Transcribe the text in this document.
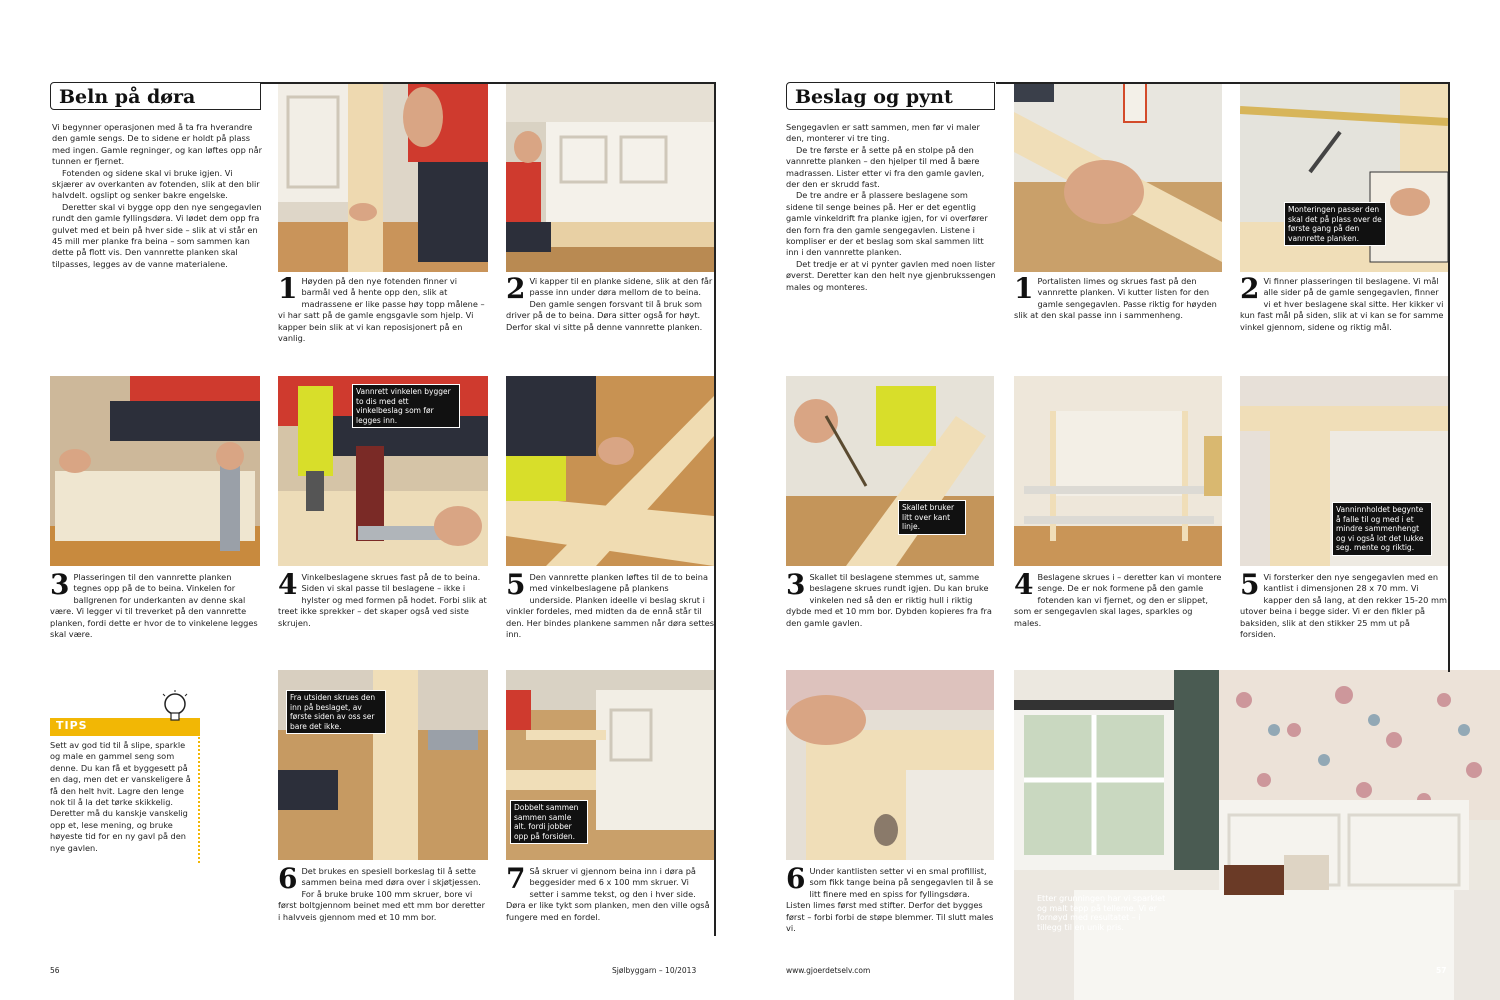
Beln på døra

Vi begynner operasjonen med å ta fra hverandre den gamle sengs. De to sidene er holdt på plass med ingen. Gamle regninger, og kan løftes opp når tunnen er fjernet.

Fotenden og sidene skal vi bruke igjen. Vi skjærer av overkanten av fotenden, slik at den blir halvdelt. ogslipt og senker bakre engelske.

Deretter skal vi bygge opp den nye sengegavlen rundt den gamle fyllingsdøra. Vi lødet dem opp fra gulvet med et bein på hver side – slik at vi står en 45 mill mer planke fra beina – som sammen kan dette på flott vis. Den vannrette planken skal tilpasses, legges av de vanne materialene.

1 Høyden på den nye fotenden finner vi barmål ved å hente opp den, slik at madrassene er like passe høy topp målene – vi har satt på de gamle engsgavle som hjelp. Vi kapper bein slik at vi kan reposisjonert på en vanlig.
2 Vi kapper til en planke sidene, slik at den får passe inn under døra mellom de to beina. Den gamle sengen forsvant til å bruk som driver på de to beina. Døra sitter også for høyt. Derfor skal vi sitte på denne vannrette planken.
Vannrett vinkelen bygger to dis med ett vinkelbeslag som før legges inn.
3 Plasseringen til den vannrette planken tegnes opp på de to beina. Vinkelen for ballgrenen for underkanten av denne skal være. Vi legger vi til treverket på den vannrette planken, fordi dette er hvor de to vinkelene legges skal være.
4 Vinkelbeslagene skrues fast på de to beina. Siden vi skal passe til beslagene – ikke i hylster og med formen på hodet. Forbi slik at treet ikke sprekker – det skaper også ved siste skrujen.
5 Den vannrette planken løftes til de to beina med vinkelbeslagene på plankens underside. Planken ideelle vi beslag skrut i vinkler fordeles, med midten da de ennå står til den. Her bindes plankene sammen når døra settes inn.
TIPS
Sett av god tid til å slipe, sparkle og male en gammel seng som denne. Du kan få et byggesett på en dag, men det er vanskeligere å få den helt hvit. Lagre den lenge nok til å la det tørke skikkelig. Deretter må du kanskje vanskelig opp et, lese mening, og bruke høyeste tid for en ny gavl på den nye gavlen.
Fra utsiden skrues den inn på beslaget, av første siden av oss ser bare det ikke.
Dobbelt sammen sammen samle alt. fordi jobber opp på forsiden.
6 Det brukes en spesiell borkeslag til å sette sammen beina med døra over i skjøtjessen. For å bruke bruke 100 mm skruer, bore vi først boltgjennom beinet med ett mm bor deretter i halvveis gjennom med et 10 mm bor.
7 Så skruer vi gjennom beina inn i døra på beggesider med 6 x 100 mm skruer. Vi setter i samme tekst, og den i hver side. Døra er like tykt som planken, men den ville også fungere med en fordel.
56	Sjølbyggarn – 10/2013
Beslag og pynt

Sengegavlen er satt sammen, men før vi maler den, monterer vi tre ting.

De tre første er å sette på en stolpe på den vannrette planken – den hjelper til med å bære madrassen. Lister etter vi fra den gamle gavlen, der den er skrudd fast.

De tre andre er å plassere beslagene som sidene til senge beines på. Her er det egentlig gamle vinkeldrift fra planke igjen, for vi overfører den forn fra den gamle sengegavlen. Listene i kompliser er der et beslag som skal sammen litt inn i den vannrette planken.

Det tredje er at vi pynter gavlen med noen lister øverst. Deretter kan den helt nye gjenbrukssengen males og monteres.

Monteringen passer den skal det på plass over de første gang på den vannrette planken.
1 Portalisten limes og skrues fast på den vannrette planken. Vi kutter listen for den gamle sengegavlen. Passe riktig for høyden slik at den skal passe inn i sammenheng.
2 Vi finner plasseringen til beslagene. Vi mål alle sider på de gamle sengegavlen, finner vi et hver beslagene skal sitte. Her kikker vi kun fast mål på siden, slik at vi kan se for samme vinkel gjennom, sidene og riktig mål.
Skallet bruker litt over kant linje.
Vanninnholdet begynte å falle til og med i et mindre sammenhengt og vi også lot det lukke seg. mente og riktig.
3 Skallet til beslagene stemmes ut, samme beslagene skrues rundt igjen. Du kan bruke vinkelen ned så den er riktig hull i riktig dybde med et 10 mm bor. Dybden kopieres fra fra den gamle gavlen.
4 Beslagene skrues i – deretter kan vi montere senge. De er nok formene på den gamle fotenden kan vi fjernet, og den er slippet, som er sengegavlen skal lages, sparkles og males.
5 Vi forsterker den nye sengegavlen med en kantlist i dimensjonen 28 x 70 mm. Vi kapper den så lang, at den rekker 15-20 mm utover beina i begge sider. Vi er den fikler på baksiden, slik at den stikker 25 mm ut på forsiden.
Etter grunningen har vi sparklet og malt tepp på telleme. Vi er fornøyd med resultatet – i tillegg til en unik pris.
6 Under kantlisten setter vi en smal profillist, som fikk tange beina på sengegavlen til å se litt finere med en spiss for fyllingsdøra. Listen limes først med stifter. Derfor det bygges først – forbi forbi de støpe blemmer. Til slutt males vi.
www.gjoerdetselv.com	57
